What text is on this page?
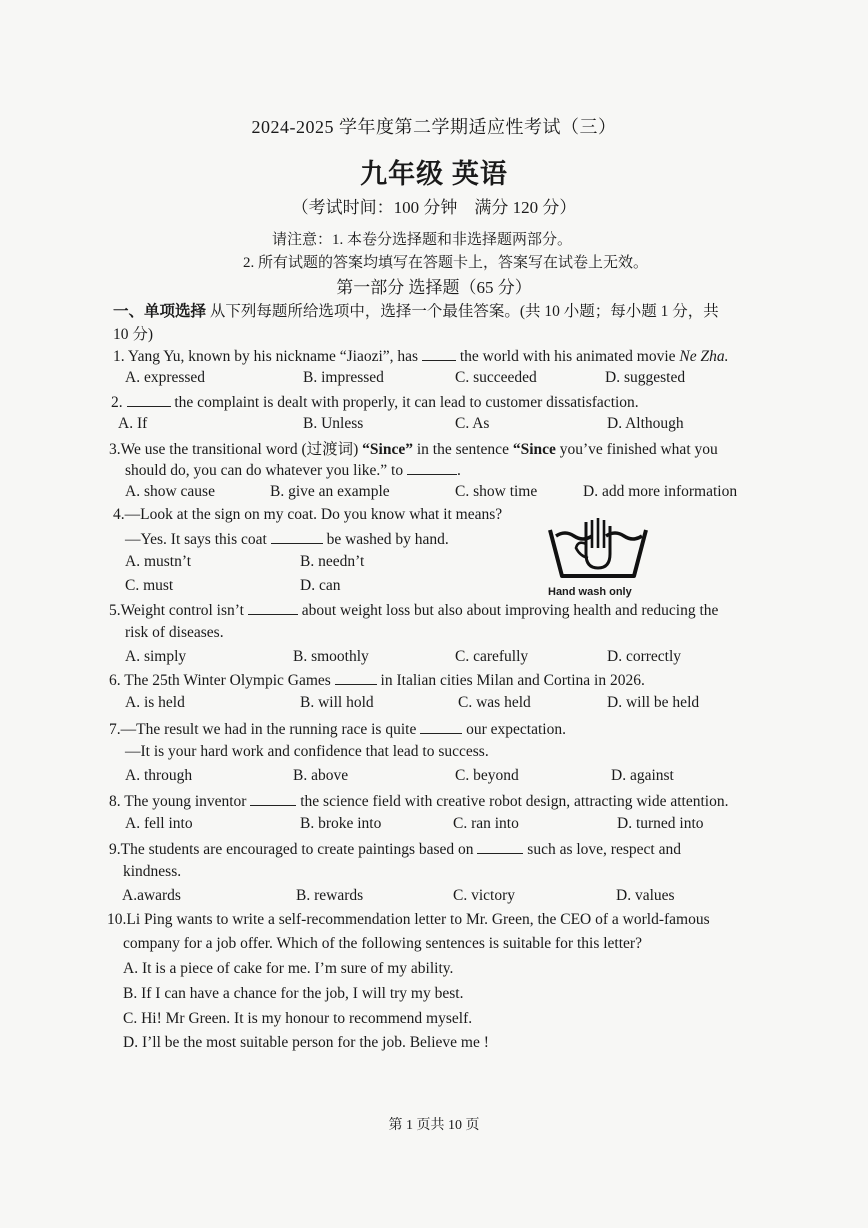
2024-2025 学年度第二学期适应性考试（三）
九年级 英语
（考试时间：100 分钟　满分 120 分）
请注意：1. 本卷分选择题和非选择题两部分。
2. 所有试题的答案均填写在答题卡上，答案写在试卷上无效。
第一部分 选择题（65 分）
一、单项选择 从下列每题所给选项中，选择一个最佳答案。(共 10 小题；每小题 1 分，共
10 分)
1. Yang Yu, known by his nickname “Jiaozi”, has  the world with his animated movie Ne Zha.
A. expressed	B. impressed	C. succeeded	D. suggested
2.	the complaint is dealt with properly, it can lead to customer dissatisfaction.
A. If	B. Unless	C. As	D. Although
3.We use the transitional word (过渡词) “Since” in the sentence “Since you’ve finished what you
should do, you can do whatever you like.” to	.
A. show cause	B. give an example	C. show time	D. add more information
4.—Look at the sign on my coat. Do you know what it means?
—Yes. It says this coat	be washed by hand.
A. mustn’t	B. needn’t
C. must	D. can	Hand wash only
5.Weight control isn’t	about weight loss but also about improving health and reducing the
risk of diseases.
A. simply	B. smoothly	C. carefully	D. correctly
6. The 25th Winter Olympic Games	in Italian cities Milan and Cortina in 2026.
A. is held	B. will hold	C. was held	D. will be held
7.—The result we had in the running race is quite	our expectation.
—It is your hard work and confidence that lead to success.
A. through	B. above	C. beyond	D. against
8. The young inventor	the science field with creative robot design, attracting wide attention.
A. fell into	B. broke into	C. ran into	D. turned into
9.The students are encouraged to create paintings based on	such as love, respect and
kindness.
A.awards	B. rewards	C. victory	D. values
10.Li Ping wants to write a self-recommendation letter to Mr. Green, the CEO of a world-famous
company for a job offer. Which of the following sentences is suitable for this letter?
A. It is a piece of cake for me. I’m sure of my ability.
B. If I can have a chance for the job, I will try my best.
C. Hi! Mr Green. It is my honour to recommend myself.
D. I’ll be the most suitable person for the job. Believe me !
第 1 页共 10 页
